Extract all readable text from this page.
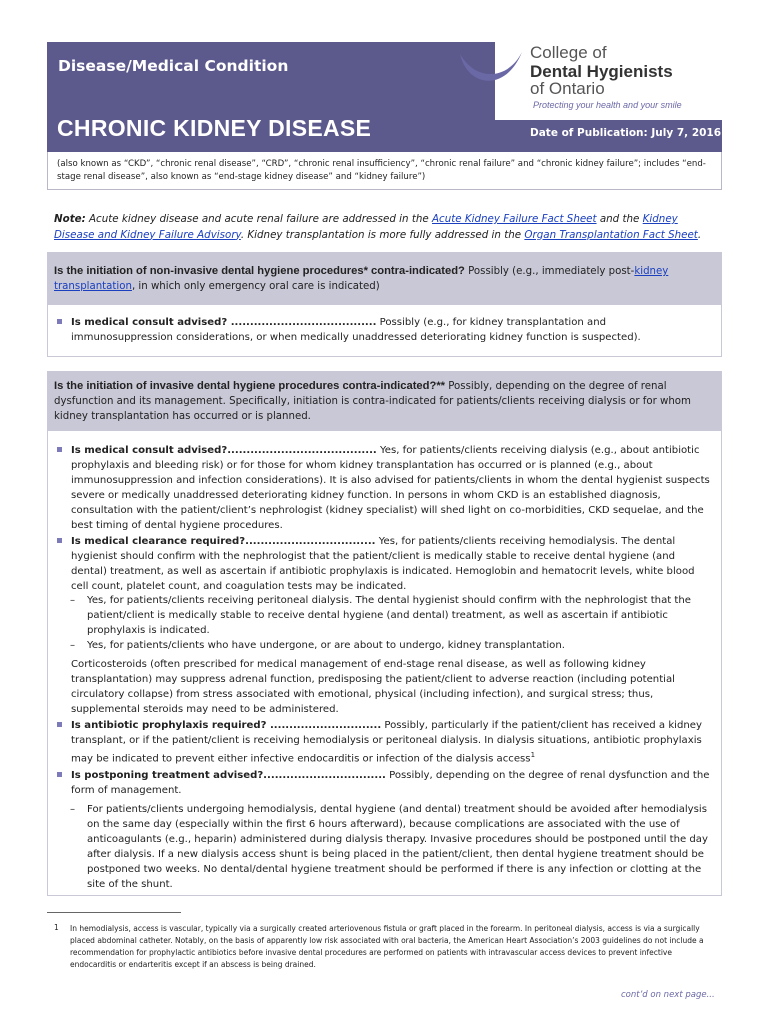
Disease/Medical Condition
CHRONIC KIDNEY DISEASE	Date of Publication: July 7, 2016
College of
Dental Hygienists
of Ontario
Protecting your health and your smile
(also known as “CKD”, “chronic renal disease”, “CRD”, “chronic renal insufficiency”, “chronic renal failure” and “chronic kidney failure”; includes “end-stage renal disease”, also known as “end-stage kidney disease” and “kidney failure”)
Note: Acute kidney disease and acute renal failure are addressed in the Acute Kidney Failure Fact Sheet and the Kidney Disease and Kidney Failure Advisory. Kidney transplantation is more fully addressed in the Organ Transplantation Fact Sheet.
Is the initiation of non-invasive dental hygiene procedures* contra-indicated? Possibly (e.g., immediately post-kidney transplantation, in which only emergency oral care is indicated)
Is medical consult advised? ...................................... Possibly (e.g., for kidney transplantation and immunosuppression considerations, or when medically unaddressed deteriorating kidney function is suspected).
Is the initiation of invasive dental hygiene procedures contra-indicated?** Possibly, depending on the degree of renal dysfunction and its management. Specifically, initiation is contra-indicated for patients/clients receiving dialysis or for whom kidney transplantation has occurred or is planned.
Is medical consult advised?....................................... Yes, for patients/clients receiving dialysis (e.g., about antibiotic prophylaxis and bleeding risk) or for those for whom kidney transplantation has occurred or is planned (e.g., about immunosuppression and infection considerations). It is also advised for patients/clients in whom the dental hygienist suspects severe or medically unaddressed deteriorating kidney function. In persons in whom CKD is an established diagnosis, consultation with the patient/client’s nephrologist (kidney specialist) will shed light on co-morbidities, CKD sequelae, and the best timing of dental hygiene procedures.
Is medical clearance required?.................................. Yes, for patients/clients receiving hemodialysis. The dental hygienist should confirm with the nephrologist that the patient/client is medically stable to receive dental hygiene (and dental) treatment, as well as ascertain if antibiotic prophylaxis is indicated. Hemoglobin and hematocrit levels, white blood cell count, platelet count, and coagulation tests may be indicated.
– Yes, for patients/clients receiving peritoneal dialysis. The dental hygienist should confirm with the nephrologist that the patient/client is medically stable to receive dental hygiene (and dental) treatment, as well as ascertain if antibiotic prophylaxis is indicated.
– Yes, for patients/clients who have undergone, or are about to undergo, kidney transplantation.
Corticosteroids (often prescribed for medical management of end-stage renal disease, as well as following kidney transplantation) may suppress adrenal function, predisposing the patient/client to adverse reaction (including potential circulatory collapse) from stress associated with emotional, physical (including infection), and surgical stress; thus, supplemental steroids may need to be administered.
Is antibiotic prophylaxis required? ............................. Possibly, particularly if the patient/client has received a kidney transplant, or if the patient/client is receiving hemodialysis or peritoneal dialysis. In dialysis situations, antibiotic prophylaxis may be indicated to prevent either infective endocarditis or infection of the dialysis access$^1$
Is postponing treatment advised?................................ Possibly, depending on the degree of renal dysfunction and the form of management.
– For patients/clients undergoing hemodialysis, dental hygiene (and dental) treatment should be avoided after hemodialysis on the same day (especially within the first 6 hours afterward), because complications are associated with the use of anticoagulants (e.g., heparin) administered during dialysis therapy. Invasive procedures should be postponed until the day after dialysis. If a new dialysis access shunt is being placed in the patient/client, then dental hygiene treatment should be postponed two weeks. No dental/dental hygiene treatment should be performed if there is any infection or clotting at the site of the shunt.
1 In hemodialysis, access is vascular, typically via a surgically created arteriovenous fistula or graft placed in the forearm. In peritoneal dialysis, access is via a surgically placed abdominal catheter. Notably, on the basis of apparently low risk associated with oral bacteria, the American Heart Association’s 2003 guidelines do not include a recommendation for prophylactic antibiotics before invasive dental procedures are performed on patients with intravascular access devices to prevent infective endocarditis or endarteritis except if an abscess is being drained.
cont’d on next page...
